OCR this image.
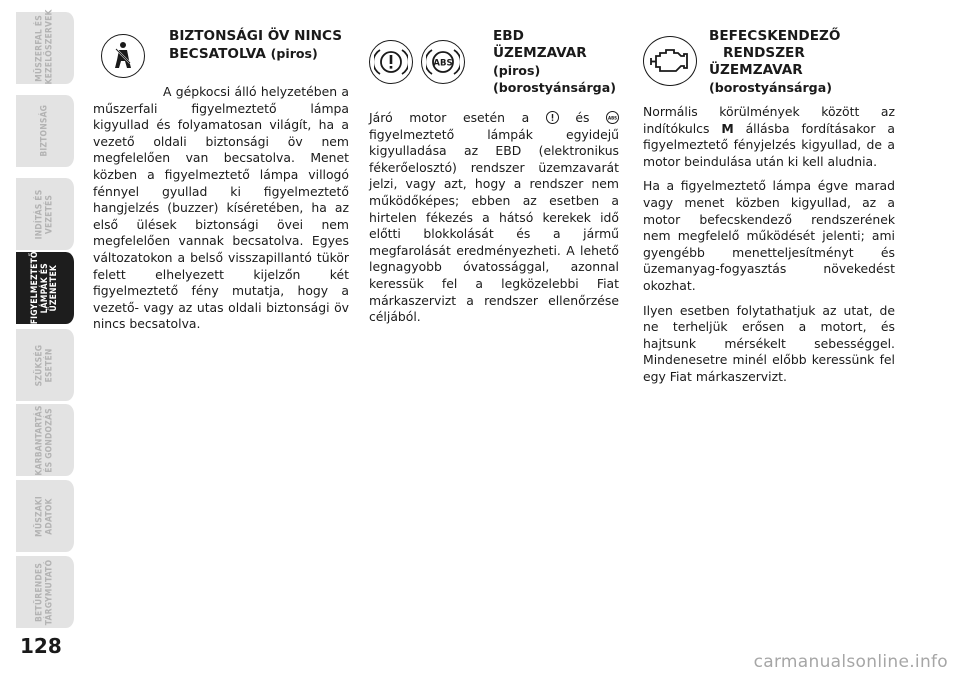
MŰSZERFAL ÉS
KEZELŐSZERVEK
BIZTONSÁG
INDÍTÁS ÉS
VEZETÉS
FIGYELMEZTETŐ
LÁMPÁK ÉS
ÜZENETEK
SZÜKSÉG
ESETÉN
KARBANTARTÁS
ÉS GONDOZÁS
MŰSZAKI
ADATOK
BETŰRENDES
TÁRGYMUTATÓ
128
BIZTONSÁGI ÖV NINCS
BECSATOLVA (piros)

A gépkocsi álló helyzetében a műszerfali figyelmeztető lámpa kigyullad és folyamatosan világít, ha a vezető oldali biztonsági öv nem megfelelően van becsatolva. Menet közben a figyelmeztető lámpa villogó fénnyel gyullad ki figyelmeztető hangjelzés (buzzer) kíséretében, ha az első ülések biztonsági övei nem megfelelően vannak becsatolva. Egyes változatokon a belső visszapillantó tükör felett elhelyezett kijelzőn két figyelmeztető fény mutatja, hogy a vezető- vagy az utas oldali biztonsági öv nincs becsatolva.

ABS
EBD
ÜZEMZAVAR
(piros)
(borostyánsárga)

Járó motor esetén a	és	ABS
figyelmeztető lámpák egyidejű kigyulladása az EBD (elektronikus fékerőelosztó) rendszer üzemzavarát jelzi, vagy azt, hogy a rendszer nem működőképes; ebben az esetben a hirtelen fékezés a hátsó kerekek idő előtti blokkolását és a jármű megfarolását eredményezheti. A lehető legnagyobb óvatossággal, azonnal keressük fel a legközelebbi Fiat márkaszervizt a rendszer ellenőrzése céljából.

BEFECSKENDEZŐ
RENDSZER
ÜZEMZAVAR
(borostyánsárga)

Normális körülmények között az indítókulcs M állásba fordításakor a figyelmeztető fényjelzés kigyullad, de a motor beindulása után ki kell aludnia.

Ha a figyelmeztető lámpa égve marad vagy menet közben kigyullad, az a motor befecskendező rendszerének nem megfelelő működését jelenti; ami gyengébb menetteljesítményt és üzemanyag-fogyasztás növekedést okozhat.

Ilyen esetben folytathatjuk az utat, de ne terheljük erősen a motort, és hajtsunk mérsékelt sebességgel. Mindenesetre minél előbb keressünk fel egy Fiat márkaszervizt.

carmanualsonline.info
